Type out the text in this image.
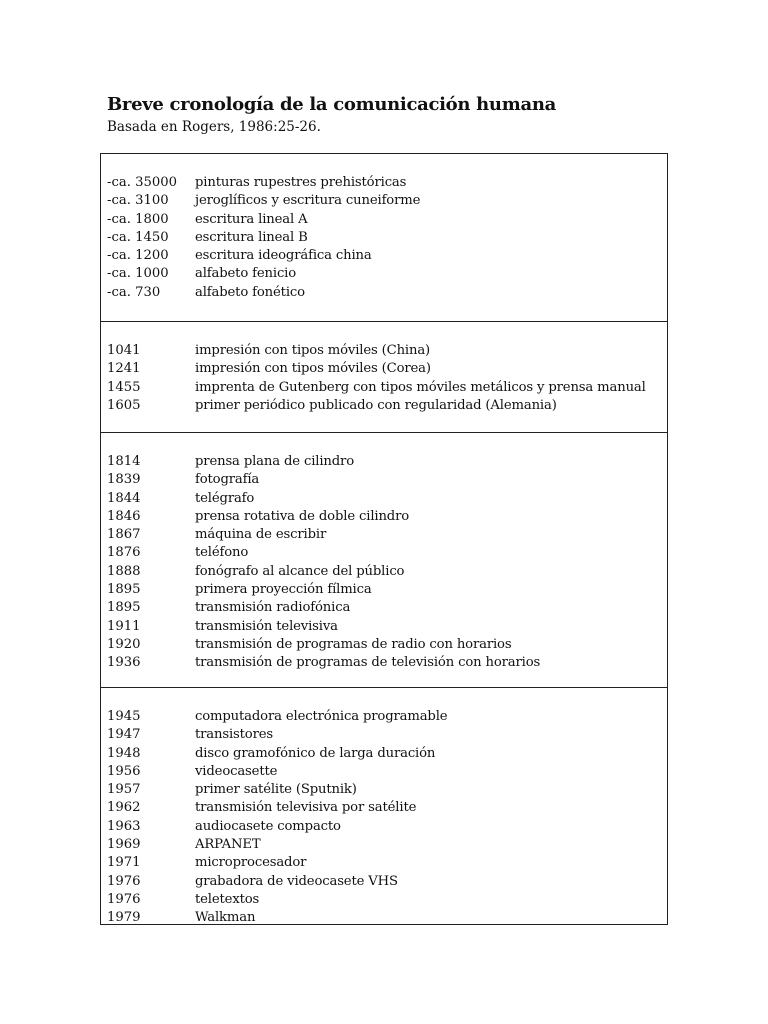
Breve cronología de la comunicación humana

Basada en Rogers, 1986:25-26.

-ca. 35000	pinturas rupestres prehistóricas
-ca. 3100	jeroglíficos y escritura cuneiforme
-ca. 1800	escritura lineal A
-ca. 1450	escritura lineal B
-ca. 1200	escritura ideográfica china
-ca. 1000	alfabeto fenicio
-ca. 730	alfabeto fonético
1041	impresión con tipos móviles (China)
1241	impresión con tipos móviles (Corea)
1455	imprenta de Gutenberg con tipos móviles metálicos y prensa manual
1605	primer periódico publicado con regularidad (Alemania)
1814	prensa plana de cilindro
1839	fotografía
1844	telégrafo
1846	prensa rotativa de doble cilindro
1867	máquina de escribir
1876	teléfono
1888	fonógrafo al alcance del público
1895	primera proyección fílmica
1895	transmisión radiofónica
1911	transmisión televisiva
1920	transmisión de programas de radio con horarios
1936	transmisión de programas de televisión con horarios
1945	computadora electrónica programable
1947	transistores
1948	disco gramofónico de larga duración
1956	videocasette
1957	primer satélite (Sputnik)
1962	transmisión televisiva por satélite
1963	audiocasete compacto
1969	ARPANET
1971	microprocesador
1976	grabadora de videocasete VHS
1976	teletextos
1979	Walkman
